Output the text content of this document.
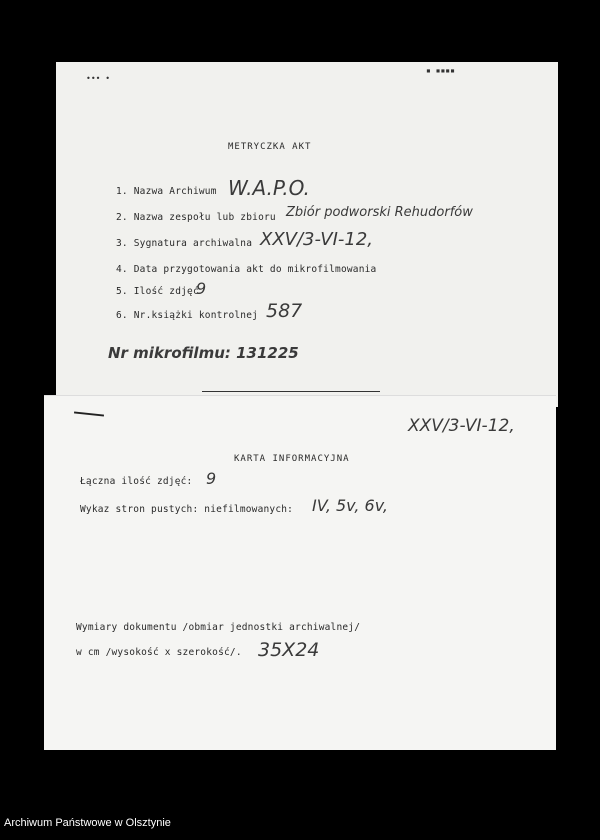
••• •
▪ ▪▪▪▪
METRYCZKA AKT
1. Nazwa Archiwum W.A.P.O.
2. Nazwa zespołu lub zbioru Zbiór podworski Rehudorfów
3. Sygnatura archiwalna XXV/3-VI-12,
4. Data przygotowania akt do mikrofilmowania
5. Ilość zdjęć
9
6. Nr.książki kontrolnej 587
Nr mikrofilmu: 131225
XXV/3-VI-12,
KARTA INFORMACYJNA
Łączna ilość zdjęć: 9
Wykaz stron pustych: niefilmowanych: IV, 5v, 6v,
Wymiary dokumentu /obmiar jednostki archiwalnej/
w cm /wysokość x szerokość/. 35X24
Archiwum Państwowe w Olsztynie
